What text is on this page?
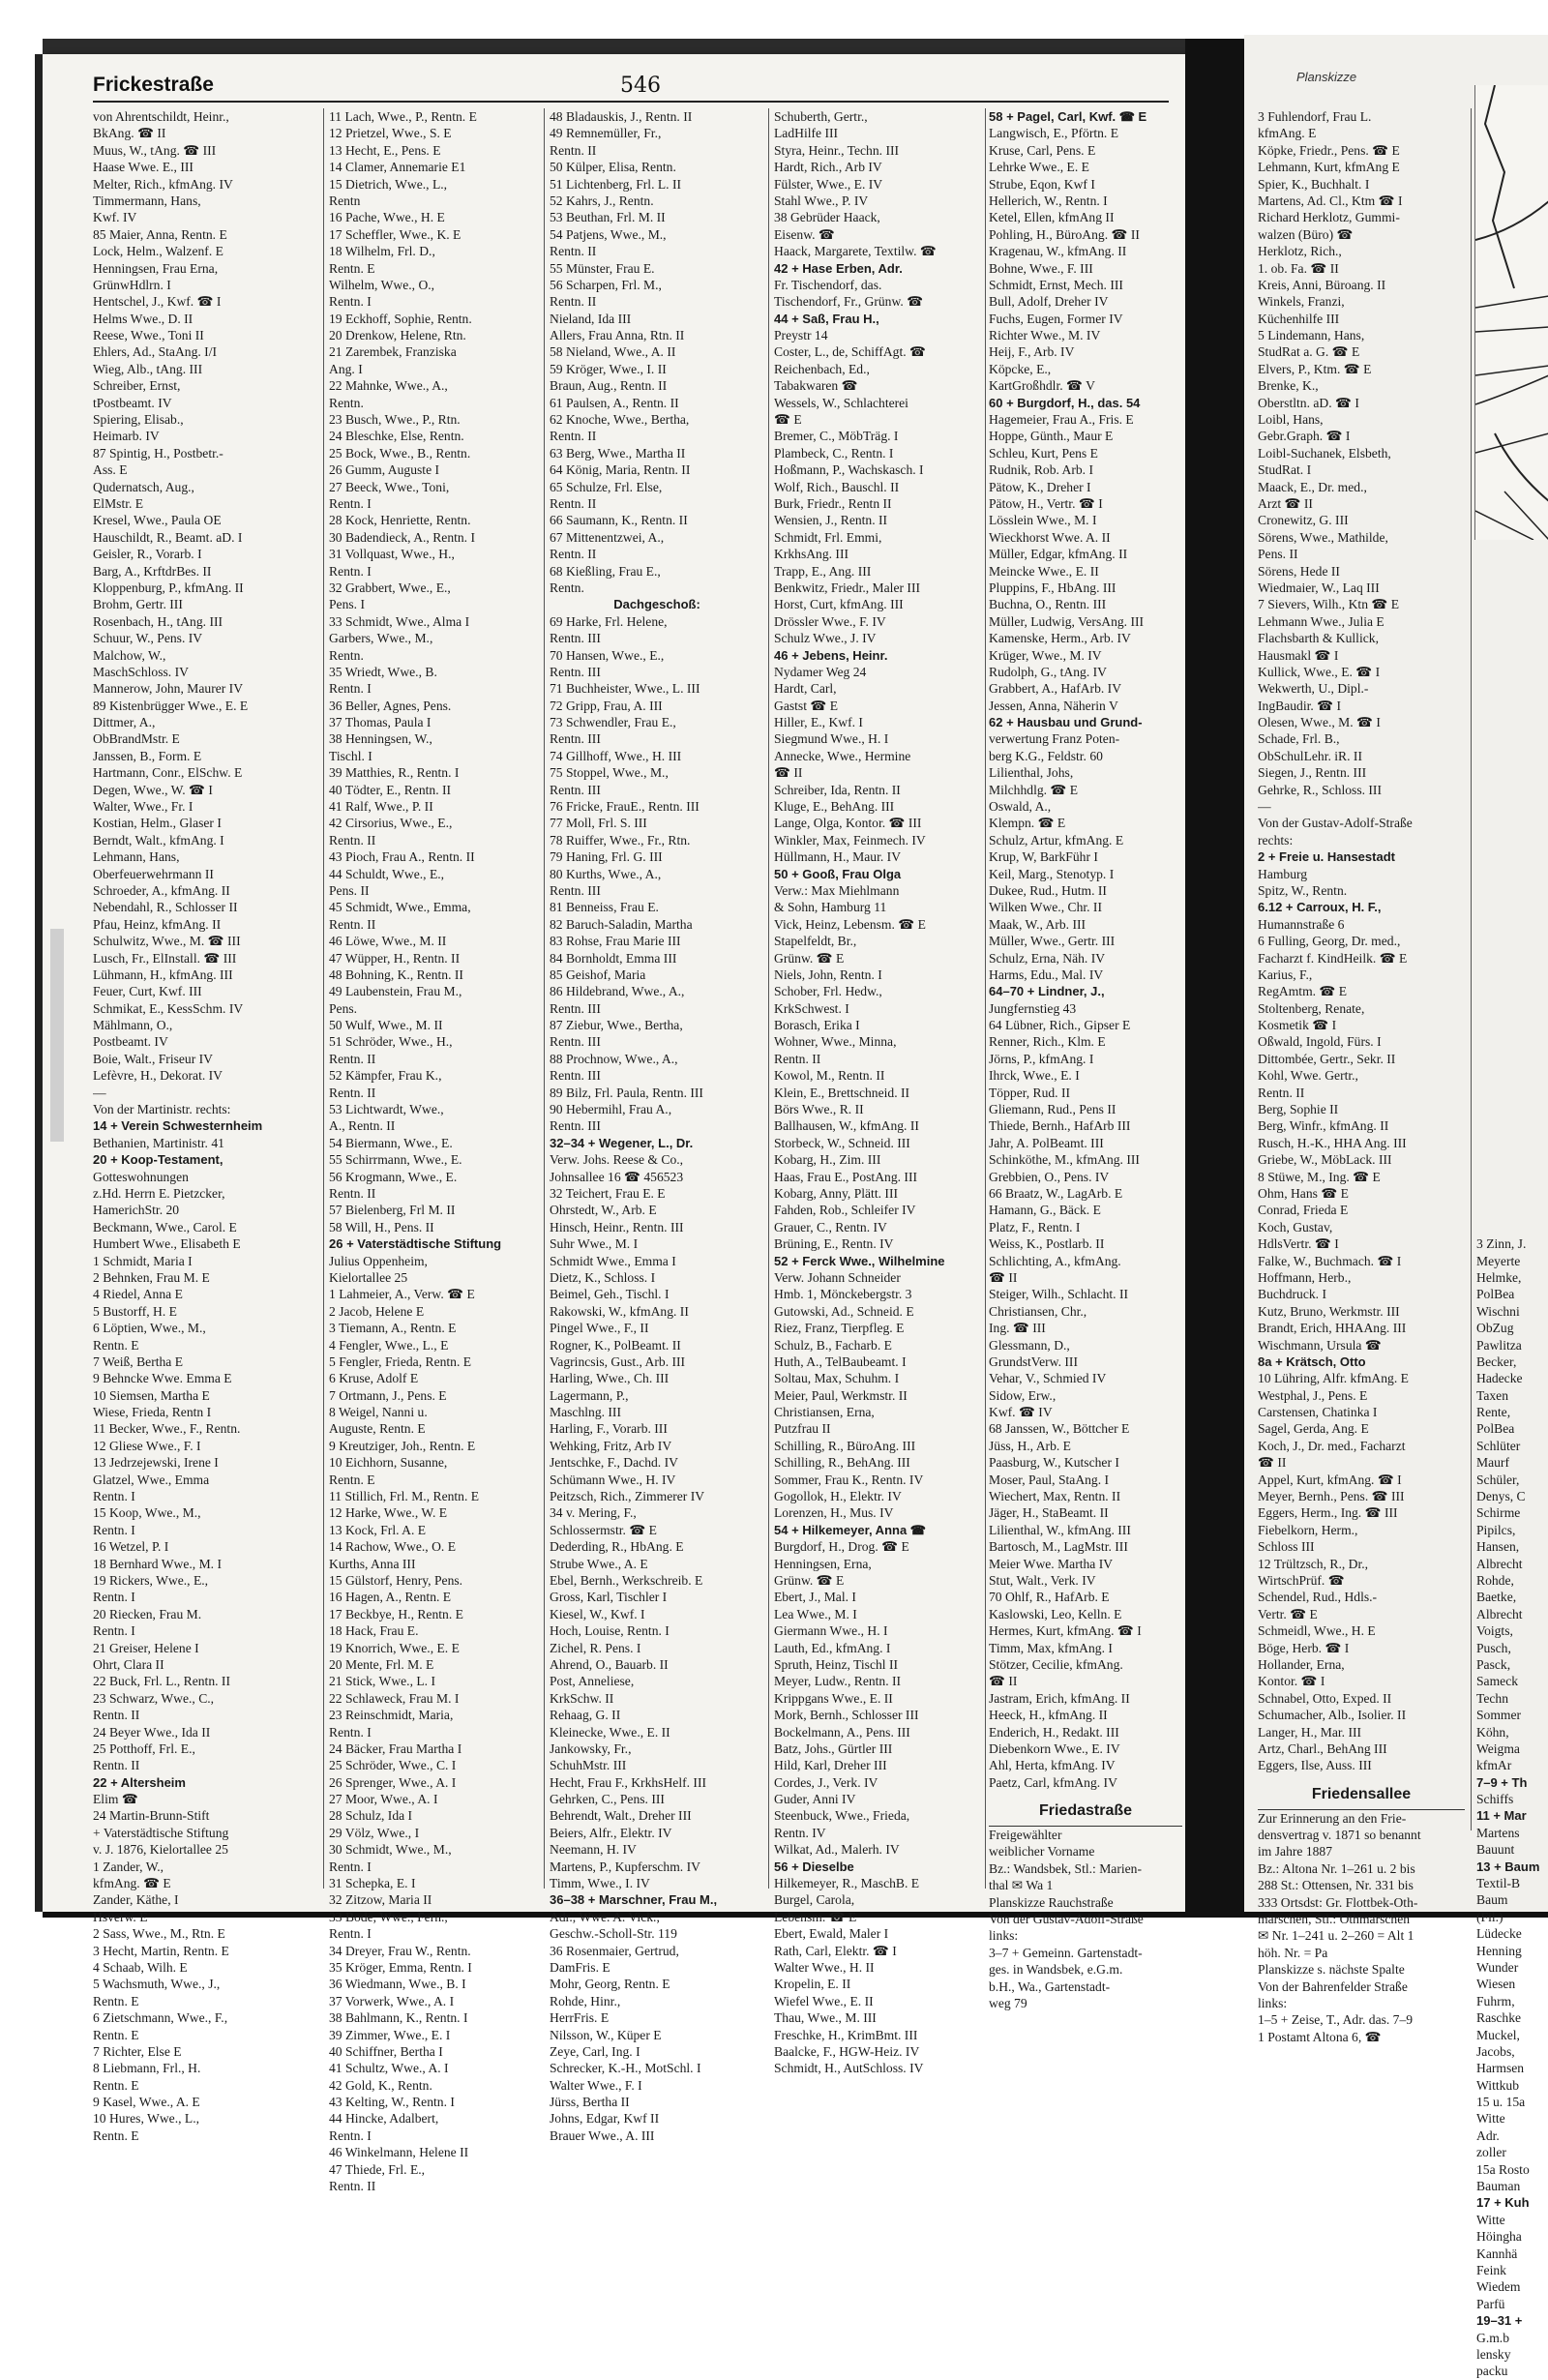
Frickestraße	546
von Ahrentschildt, Heinr.,
BkAng. ☎ II
Muus, W., tAng. ☎ III
Haase Wwe. E., III
Melter, Rich., kfmAng. IV
Timmermann, Hans,
Kwf. IV
85 Maier, Anna, Rentn. E
Lock, Helm., Walzenf. E
Henningsen, Frau Erna,
GrünwHdlrn. I
Hentschel, J., Kwf. ☎ I
Helms Wwe., D. II
Reese, Wwe., Toni II
Ehlers, Ad., StaAng. I/I
Wieg, Alb., tAng. III
Schreiber, Ernst,
tPostbeamt. IV
Spiering, Elisab.,
Heimarb. IV
87 Spintig, H., Postbetr.-
Ass. E
Qudernatsch, Aug.,
ElMstr. E
Kresel, Wwe., Paula OE
Hauschildt, R., Beamt. aD. I
Geisler, R., Vorarb. I
Barg, A., KrftdrBes. II
Kloppenburg, P., kfmAng. II
Brohm, Gertr. III
Rosenbach, H., tAng. III
Schuur, W., Pens. IV
Malchow, W.,
MaschSchloss. IV
Mannerow, John, Maurer IV
89 Kistenbrügger Wwe., E. E
Dittmer, A.,
ObBrandMstr. E
Janssen, B., Form. E
Hartmann, Conr., ElSchw. E
Degen, Wwe., W. ☎ I
Walter, Wwe., Fr. I
Kostian, Helm., Glaser I
Berndt, Walt., kfmAng. I
Lehmann, Hans,
Oberfeuerwehrmann II
Schroeder, A., kfmAng. II
Nebendahl, R., Schlosser II
Pfau, Heinz, kfmAng. II
Schulwitz, Wwe., M. ☎ III
Lusch, Fr., ElInstall. ☎ III
Lühmann, H., kfmAng. III
Feuer, Curt, Kwf. III
Schmikat, E., KessSchm. IV
Mählmann, O.,
Postbeamt. IV
Boie, Walt., Friseur IV
Lefèvre, H., Dekorat. IV
—
Von der Martinistr. rechts:
14 + Verein Schwesternheim
Bethanien, Martinistr. 41
20 + Koop-Testament,
Gotteswohnungen
z.Hd. Herrn E. Pietzcker,
HamerichStr. 20
Beckmann, Wwe., Carol. E
Humbert Wwe., Elisabeth E
1 Schmidt, Maria I
2 Behnken, Frau M. E
4 Riedel, Anna E
5 Bustorff, H. E
6 Löptien, Wwe., M.,
Rentn. E
7 Weiß, Bertha E
9 Behncke Wwe. Emma E
10 Siemsen, Martha E
Wiese, Frieda, Rentn I
11 Becker, Wwe., F., Rentn.
12 Gliese Wwe., F. I
13 Jedrzejewski, Irene I
Glatzel, Wwe., Emma
Rentn. I
15 Koop, Wwe., M.,
Rentn. I
16 Wetzel, P. I
18 Bernhard Wwe., M. I
19 Rickers, Wwe., E.,
Rentn. I
20 Riecken, Frau M.
Rentn. I
21 Greiser, Helene I
Ohrt, Clara II
22 Buck, Frl. L., Rentn. II
23 Schwarz, Wwe., C.,
Rentn. II
24 Beyer Wwe., Ida II
25 Potthoff, Frl. E.,
Rentn. II
22 + Altersheim
Elim ☎
24 Martin-Brunn-Stift
+ Vaterstädtische Stiftung
v. J. 1876, Kielortallee 25
1 Zander, W.,
kfmAng. ☎ E
Zander, Käthe, I
Hsverw. E
2 Sass, Wwe., M., Rtn. E
3 Hecht, Martin, Rentn. E
4 Schaab, Wilh. E
5 Wachsmuth, Wwe., J.,
Rentn. E
6 Zietschmann, Wwe., F.,
Rentn. E
7 Richter, Else E
8 Liebmann, Frl., H.
Rentn. E
9 Kasel, Wwe., A. E
10 Hures, Wwe., L.,
Rentn. E
11 Lach, Wwe., P., Rentn. E
12 Prietzel, Wwe., S. E
13 Hecht, E., Pens. E
14 Clamer, Annemarie E1
15 Dietrich, Wwe., L.,
Rentn
16 Pache, Wwe., H. E
17 Scheffler, Wwe., K. E
18 Wilhelm, Frl. D.,
Rentn. E
Wilhelm, Wwe., O.,
Rentn. I
19 Eckhoff, Sophie, Rentn.
20 Drenkow, Helene, Rtn.
21 Zarembek, Franziska
Ang. I
22 Mahnke, Wwe., A.,
Rentn.
23 Busch, Wwe., P., Rtn.
24 Bleschke, Else, Rentn.
25 Bock, Wwe., B., Rentn.
26 Gumm, Auguste I
27 Beeck, Wwe., Toni,
Rentn. I
28 Kock, Henriette, Rentn.
30 Badendieck, A., Rentn. I
31 Vollquast, Wwe., H.,
Rentn. I
32 Grabbert, Wwe., E.,
Pens. I
33 Schmidt, Wwe., Alma I
Garbers, Wwe., M.,
Rentn.
35 Wriedt, Wwe., B.
Rentn. I
36 Beller, Agnes, Pens.
37 Thomas, Paula I
38 Henningsen, W.,
Tischl. I
39 Matthies, R., Rentn. I
40 Tödter, E., Rentn. II
41 Ralf, Wwe., P. II
42 Cirsorius, Wwe., E.,
Rentn. II
43 Pioch, Frau A., Rentn. II
44 Schuldt, Wwe., E.,
Pens. II
45 Schmidt, Wwe., Emma,
Rentn. II
46 Löwe, Wwe., M. II
47 Wüpper, H., Rentn. II
48 Bohning, K., Rentn. II
49 Laubenstein, Frau M.,
Pens.
50 Wulf, Wwe., M. II
51 Schröder, Wwe., H.,
Rentn. II
52 Kämpfer, Frau K.,
Rentn. II
53 Lichtwardt, Wwe.,
A., Rentn. II
54 Biermann, Wwe., E.
55 Schirrmann, Wwe., E.
56 Krogmann, Wwe., E.
Rentn. II
57 Bielenberg, Frl M. II
58 Will, H., Pens. II
26 + Vaterstädtische Stiftung
Julius Oppenheim,
Kielortallee 25
1 Lahmeier, A., Verw. ☎ E
2 Jacob, Helene E
3 Tiemann, A., Rentn. E
4 Fengler, Wwe., L., E
5 Fengler, Frieda, Rentn. E
6 Kruse, Adolf E
7 Ortmann, J., Pens. E
8 Weigel, Nanni u.
Auguste, Rentn. E
9 Kreutziger, Joh., Rentn. E
10 Eichhorn, Susanne,
Rentn. E
11 Stillich, Frl. M., Rentn. E
12 Harke, Wwe., W. E
13 Kock, Frl. A. E
14 Rachow, Wwe., O. E
Kurths, Anna III
15 Gülstorf, Henry, Pens.
16 Hagen, A., Rentn. E
17 Beckbye, H., Rentn. E
18 Hack, Frau E.
19 Knorrich, Wwe., E. E
20 Mente, Frl. M. E
21 Stick, Wwe., L. I
22 Schlaweck, Frau M. I
23 Reinschmidt, Maria,
Rentn. I
24 Bäcker, Frau Martha I
25 Schröder, Wwe., C. I
26 Sprenger, Wwe., A. I
27 Moor, Wwe., A. I
28 Schulz, Ida I
29 Völz, Wwe., I
30 Schmidt, Wwe., M.,
Rentn. I
31 Schepka, E. I
32 Zitzow, Maria II
33 Bode, Wwe., Fern.,
Rentn. I
34 Dreyer, Frau W., Rentn.
35 Kröger, Emma, Rentn. I
36 Wiedmann, Wwe., B. I
37 Vorwerk, Wwe., A. I
38 Bahlmann, K., Rentn. I
39 Zimmer, Wwe., E. I
40 Schiffner, Bertha I
41 Schultz, Wwe., A. I
42 Gold, K., Rentn.
43 Kelting, W., Rentn. I
44 Hincke, Adalbert,
Rentn. I
46 Winkelmann, Helene II
47 Thiede, Frl. E.,
Rentn. II
48 Bladauskis, J., Rentn. II
49 Remnemüller, Fr.,
Rentn. II
50 Külper, Elisa, Rentn.
51 Lichtenberg, Frl. L. II
52 Kahrs, J., Rentn.
53 Beuthan, Frl. M. II
54 Patjens, Wwe., M.,
Rentn. II
55 Münster, Frau E.
56 Scharpen, Frl. M.,
Rentn. II
Nieland, Ida III
Allers, Frau Anna, Rtn. II
58 Nieland, Wwe., A. II
59 Kröger, Wwe., I. II
Braun, Aug., Rentn. II
61 Paulsen, A., Rentn. II
62 Knoche, Wwe., Bertha,
Rentn. II
63 Berg, Wwe., Martha II
64 König, Maria, Rentn. II
65 Schulze, Frl. Else,
Rentn. II
66 Saumann, K., Rentn. II
67 Mittenentzwei, A.,
Rentn. II
68 Kießling, Frau E.,
Rentn.
Dachgeschoß:
69 Harke, Frl. Helene,
Rentn. III
70 Hansen, Wwe., E.,
Rentn. III
71 Buchheister, Wwe., L. III
72 Gripp, Frau, A. III
73 Schwendler, Frau E.,
Rentn. III
74 Gillhoff, Wwe., H. III
75 Stoppel, Wwe., M.,
Rentn. III
76 Fricke, FrauE., Rentn. III
77 Moll, Frl. S. III
78 Ruiffer, Wwe., Fr., Rtn.
79 Haning, Frl. G. III
80 Kurths, Wwe., A.,
Rentn. III
81 Benneiss, Frau E.
82 Baruch-Saladin, Martha
83 Rohse, Frau Marie III
84 Bornholdt, Emma III
85 Geishof, Maria
86 Hildebrand, Wwe., A.,
Rentn. III
87 Ziebur, Wwe., Bertha,
Rentn. III
88 Prochnow, Wwe., A.,
Rentn. III
89 Bilz, Frl. Paula, Rentn. III
90 Hebermihl, Frau A.,
Rentn. III
32–34 + Wegener, L., Dr.
Verw. Johs. Reese & Co.,
Johnsallee 16 ☎ 456523
32 Teichert, Frau E. E
Ohrstedt, W., Arb. E
Hinsch, Heinr., Rentn. III
Suhr Wwe., M. I
Schmidt Wwe., Emma I
Dietz, K., Schloss. I
Beimel, Geh., Tischl. I
Rakowski, W., kfmAng. II
Pingel Wwe., F., II
Rogner, K., PolBeamt. II
Vagrincsis, Gust., Arb. III
Harling, Wwe., Ch. III
Lagermann, P.,
Maschlng. III
Harling, F., Vorarb. III
Wehking, Fritz, Arb IV
Jentschke, F., Dachd. IV
Schümann Wwe., H. IV
Peitzsch, Rich., Zimmerer IV
34 v. Mering, F.,
Schlossermstr. ☎ E
Dederding, R., HbAng. E
Strube Wwe., A. E
Ebel, Bernh., Werkschreib. E
Gross, Karl, Tischler I
Kiesel, W., Kwf. I
Hoch, Louise, Rentn. I
Zichel, R. Pens. I
Ahrend, O., Bauarb. II
Post, Anneliese,
KrkSchw. II
Rehaag, G. II
Kleinecke, Wwe., E. II
Jankowsky, Fr.,
SchuhMstr. III
Hecht, Frau F., KrkhsHelf. III
Gehrken, C., Pens. III
Behrendt, Walt., Dreher III
Beiers, Alfr., Elektr. IV
Neemann, H. IV
Martens, P., Kupferschm. IV
Timm, Wwe., I. IV
36–38 + Marschner, Frau M.,
Adr., Wwe. A. Vick.,
Geschw.-Scholl-Str. 119
36 Rosenmaier, Gertrud,
DamFris. E
Mohr, Georg, Rentn. E
Rohde, Hinr.,
HerrFris. E
Nilsson, W., Küper E
Zeye, Carl, Ing. I
Schrecker, K.-H., MotSchl. I
Walter Wwe., F. I
Jürss, Bertha II
Johns, Edgar, Kwf II
Brauer Wwe., A. III
Schuberth, Gertr.,
LadHilfe III
Styra, Heinr., Techn. III
Hardt, Rich., Arb IV
Fülster, Wwe., E. IV
Stahl Wwe., P. IV
38 Gebrüder Haack,
Eisenw. ☎
Haack, Margarete, Textilw. ☎
42 + Hase Erben, Adr.
Fr. Tischendorf, das.
Tischendorf, Fr., Grünw. ☎
44 + Saß, Frau H.,
Preystr 14
Coster, L., de, SchiffAgt. ☎
Reichenbach, Ed.,
Tabakwaren ☎
Wessels, W., Schlachterei
☎ E
Bremer, C., MöbTräg. I
Plambeck, C., Rentn. I
Hoßmann, P., Wachskasch. I
Wolf, Rich., Bauschl. II
Burk, Friedr., Rentn II
Wensien, J., Rentn. II
Schmidt, Frl. Emmi,
KrkhsAng. III
Trapp, E., Ang. III
Benkwitz, Friedr., Maler III
Horst, Curt, kfmAng. III
Drössler Wwe., F. IV
Schulz Wwe., J. IV
46 + Jebens, Heinr.
Nydamer Weg 24
Hardt, Carl,
Gastst ☎ E
Hiller, E., Kwf. I
Siegmund Wwe., H. I
Annecke, Wwe., Hermine
☎ II
Schreiber, Ida, Rentn. II
Kluge, E., BehAng. III
Lange, Olga, Kontor. ☎ III
Winkler, Max, Feinmech. IV
Hüllmann, H., Maur. IV
50 + Gooß, Frau Olga
Verw.: Max Miehlmann
& Sohn, Hamburg 11
Vick, Heinz, Lebensm. ☎ E
Stapelfeldt, Br.,
Grünw. ☎ E
Niels, John, Rentn. I
Schober, Frl. Hedw.,
KrkSchwest. I
Borasch, Erika I
Wohner, Wwe., Minna,
Rentn. II
Kowol, M., Rentn. II
Klein, E., Brettschneid. II
Börs Wwe., R. II
Ballhausen, W., kfmAng. II
Storbeck, W., Schneid. III
Kobarg, H., Zim. III
Haas, Frau E., PostAng. III
Kobarg, Anny, Plätt. III
Fahden, Rob., Schleifer IV
Grauer, C., Rentn. IV
Brüning, E., Rentn. IV
52 + Ferck Wwe., Wilhelmine
Verw. Johann Schneider
Hmb. 1, Mönckebergstr. 3
Gutowski, Ad., Schneid. E
Riez, Franz, Tierpfleg. E
Schulz, B., Facharb. E
Huth, A., TelBaubeamt. I
Soltau, Max, Schuhm. I
Meier, Paul, Werkmstr. II
Christiansen, Erna,
Putzfrau II
Schilling, R., BüroAng. III
Schilling, R., BehAng. III
Sommer, Frau K., Rentn. IV
Gogollok, H., Elektr. IV
Lorenzen, H., Mus. IV
54 + Hilkemeyer, Anna ☎
Burgdorf, H., Drog. ☎ E
Henningsen, Erna,
Grünw. ☎ E
Ebert, J., Mal. I
Lea Wwe., M. I
Giermann Wwe., H. I
Lauth, Ed., kfmAng. I
Spruth, Heinz, Tischl II
Meyer, Ludw., Rentn. II
Krippgans Wwe., E. II
Mork, Bernh., Schlosser III
Bockelmann, A., Pens. III
Batz, Johs., Gürtler III
Hild, Karl, Dreher III
Cordes, J., Verk. IV
Guder, Anni IV
Steenbuck, Wwe., Frieda,
Rentn. IV
Wilkat, Ad., Malerh. IV
56 + Dieselbe
Hilkemeyer, R., MaschB. E
Burgel, Carola,
Lebensm. ☎ E
Ebert, Ewald, Maler I
Rath, Carl, Elektr. ☎ I
Walter Wwe., H. II
Kropelin, E. II
Wiefel Wwe., E. II
Thau, Wwe., M. III
Freschke, H., KrimBmt. III
Baalcke, F., HGW-Heiz. IV
Schmidt, H., AutSchloss. IV
58 + Pagel, Carl, Kwf. ☎ E
Langwisch, E., Pförtn. E
Kruse, Carl, Pens. E
Lehrke Wwe., E. E
Strube, Eqon, Kwf I
Hellerich, W., Rentn. I
Ketel, Ellen, kfmAng II
Pohling, H., BüroAng. ☎ II
Kragenau, W., kfmAng. II
Bohne, Wwe., F. III
Schmidt, Ernst, Mech. III
Bull, Adolf, Dreher IV
Fuchs, Eugen, Former IV
Richter Wwe., M. IV
Heij, F., Arb. IV
Köpcke, E.,
KartGroßhdlr. ☎ V
60 + Burgdorf, H., das. 54
Hagemeier, Frau A., Fris. E
Hoppe, Günth., Maur E
Schleu, Kurt, Pens E
Rudnik, Rob. Arb. I
Pätow, K., Dreher I
Pätow, H., Vertr. ☎ I
Lösslein Wwe., M. I
Wieckhorst Wwe. A. II
Müller, Edgar, kfmAng. II
Meincke Wwe., E. II
Pluppins, F., HbAng. III
Buchna, O., Rentn. III
Müller, Ludwig, VersAng. III
Kamenske, Herm., Arb. IV
Krüger, Wwe., M. IV
Rudolph, G., tAng. IV
Grabbert, A., HafArb. IV
Jessen, Anna, Näherin V
62 + Hausbau und Grund-
verwertung Franz Poten-
berg K.G., Feldstr. 60
Lilienthal, Johs,
Milchhdlg. ☎ E
Oswald, A.,
Klempn. ☎ E
Schulz, Artur, kfmAng. E
Krup, W, BarkFühr I
Keil, Marg., Stenotyp. I
Dukee, Rud., Hutm. II
Wilken Wwe., Chr. II
Maak, W., Arb. III
Müller, Wwe., Gertr. III
Schulz, Erna, Näh. IV
Harms, Edu., Mal. IV
64–70 + Lindner, J.,
Jungfernstieg 43
64 Lübner, Rich., Gipser E
Renner, Rich., Klm. E
Jörns, P., kfmAng. I
Ihrck, Wwe., E. I
Töpper, Rud. II
Gliemann, Rud., Pens II
Thiede, Bernh., HafArb III
Jahr, A. PolBeamt. III
Schinköthe, M., kfmAng. III
Grebbien, O., Pens. IV
66 Braatz, W., LagArb. E
Hamann, G., Bäck. E
Platz, F., Rentn. I
Weiss, K., Postlarb. II
Schlichting, A., kfmAng.
☎ II
Steiger, Wilh., Schlacht. II
Christiansen, Chr.,
Ing. ☎ III
Glessmann, D.,
GrundstVerw. III
Vehar, V., Schmied IV
Sidow, Erw.,
Kwf. ☎ IV
68 Janssen, W., Böttcher E
Jüss, H., Arb. E
Paasburg, W., Kutscher I
Moser, Paul, StaAng. I
Wiechert, Max, Rentn. II
Jäger, H., StaBeamt. II
Lilienthal, W., kfmAng. III
Bartosch, M., LagMstr. III
Meier Wwe. Martha IV
Stut, Walt., Verk. IV
70 Ohlf, R., HafArb. E
Kaslowski, Leo, Kelln. E
Hermes, Kurt, kfmAng. ☎ I
Timm, Max, kfmAng. I
Stötzer, Cecilie, kfmAng.
☎ II
Jastram, Erich, kfmAng. II
Heeck, H., kfmAng. II
Enderich, H., Redakt. III
Diebenkorn Wwe., E. IV
Ahl, Herta, kfmAng. IV
Paetz, Carl, kfmAng. IV
Friedastraße
Freigewählter
weiblicher Vorname
Bz.: Wandsbek, Stl.: Marien-
thal ✉ Wa 1
Planskizze Rauchstraße
Von der Gustav-Adolf-Straße
links:
3–7 + Gemeinn. Gartenstadt-
ges. in Wandsbek, e.G.m.
b.H., Wa., Gartenstadt-
weg 79
Planskizze
3 Fuhlendorf, Frau L.
kfmAng. E
Köpke, Friedr., Pens. ☎ E
Lehmann, Kurt, kfmAng E
Spier, K., Buchhalt. I
Martens, Ad. Cl., Ktm ☎ I
Richard Herklotz, Gummi-
walzen (Büro) ☎
Herklotz, Rich.,
1. ob. Fa. ☎ II
Kreis, Anni, Büroang. II
Winkels, Franzi,
Küchenhilfe III
5 Lindemann, Hans,
StudRat a. G. ☎ E
Elvers, P., Ktm. ☎ E
Brenke, K.,
Oberstltn. aD. ☎ I
Loibl, Hans,
Gebr.Graph. ☎ I
Loibl-Suchanek, Elsbeth,
StudRat. I
Maack, E., Dr. med.,
Arzt ☎ II
Cronewitz, G. III
Sörens, Wwe., Mathilde,
Pens. II
Sörens, Hede II
Wiedmaier, W., Laq III
7 Sievers, Wilh., Ktn ☎ E
Lehmann Wwe., Julia E
Flachsbarth & Kullick,
Hausmakl ☎ I
Kullick, Wwe., E. ☎ I
Wekwerth, U., Dipl.-
IngBaudir. ☎ I
Olesen, Wwe., M. ☎ I
Schade, Frl. B.,
ObSchulLehr. iR. II
Siegen, J., Rentn. III
Gehrke, R., Schloss. III
—
Von der Gustav-Adolf-Straße
rechts:
2 + Freie u. Hansestadt
Hamburg
Spitz, W., Rentn.
6.12 + Carroux, H. F.,
Humannstraße 6
6 Fulling, Georg, Dr. med.,
Facharzt f. KindHeilk. ☎ E
Karius, F.,
RegAmtm. ☎ E
Stoltenberg, Renate,
Kosmetik ☎ I
Oßwald, Ingold, Fürs. I
Dittombée, Gertr., Sekr. II
Kohl, Wwe. Gertr.,
Rentn. II
Berg, Sophie II
Berg, Winfr., kfmAng. II
Rusch, H.-K., HHA Ang. III
Griebe, W., MöbLack. III
8 Stüwe, M., Ing. ☎ E
Ohm, Hans ☎ E
Conrad, Frieda E
Koch, Gustav,
HdlsVertr. ☎ I
Falke, W., Buchmach. ☎ I
Hoffmann, Herb.,
Buchdruck. I
Kutz, Bruno, Werkmstr. III
Brandt, Erich, HHAAng. III
Wischmann, Ursula ☎
8a + Krätsch, Otto
10 Lühring, Alfr. kfmAng. E
Westphal, J., Pens. E
Carstensen, Chatinka I
Sagel, Gerda, Ang. E
Koch, J., Dr. med., Facharzt
☎ II
Appel, Kurt, kfmAng. ☎ I
Meyer, Bernh., Pens. ☎ III
Eggers, Herm., Ing. ☎ III
Fiebelkorn, Herm.,
Schloss III
12 Trültzsch, R., Dr.,
WirtschPrüf. ☎
Schendel, Rud., Hdls.-
Vertr. ☎ E
Schmeidl, Wwe., H. E
Böge, Herb. ☎ I
Hollander, Erna,
Kontor. ☎ I
Schnabel, Otto, Exped. II
Schumacher, Alb., Isolier. II
Langer, H., Mar. III
Artz, Charl., BehAng III
Eggers, Ilse, Auss. III
Friedensallee
Zur Erinnerung an den Frie-
densvertrag v. 1871 so benannt
im Jahre 1887
Bz.: Altona Nr. 1–261 u. 2 bis
288 St.: Ottensen, Nr. 331 bis
333 Ortsdst: Gr. Flottbek-Oth-
marschen, Stl.: Othmarschen
✉ Nr. 1–241 u. 2–260 = Alt 1
höh. Nr. = Pa
Planskizze s. nächste Spalte
Von der Bahrenfelder Straße
links:
1–5 + Zeise, T., Adr. das. 7–9
1 Postamt Altona 6, ☎
3 Zinn, J.
Meyerte
Helmke,
PolBea
Wischni
ObZug
Pawlitza
Becker,
Hadecke
Taxen
Rente,
PolBea
Schlüter
Maurf
Schüler,
Denys, C
Schirme
Pipilcs,
Hansen,
Albrecht
Rohde,
Baetke,
Albrecht
Voigts,
Pusch,
Pasck,
Sameck
Techn
Sommer
Köhn,
Weigma
kfmAr
7–9 + Th
Schiffs
11 + Mar
Martens
Bauunt
13 + Baum
Textil-B
Baum
(Fil.)
Lüdecke
Henning
Wunder
Wiesen
Fuhrm,
Raschke
Muckel,
Jacobs,
Harmsen
Wittkub
15 u. 15a
Witte
Adr.
zoller
15a Rosto
Bauman
17 + Kuh
Witte
Höingha
Kannhä
Feink
Wiedem
Parfü
19–31 +
G.m.b
lensky
packu
